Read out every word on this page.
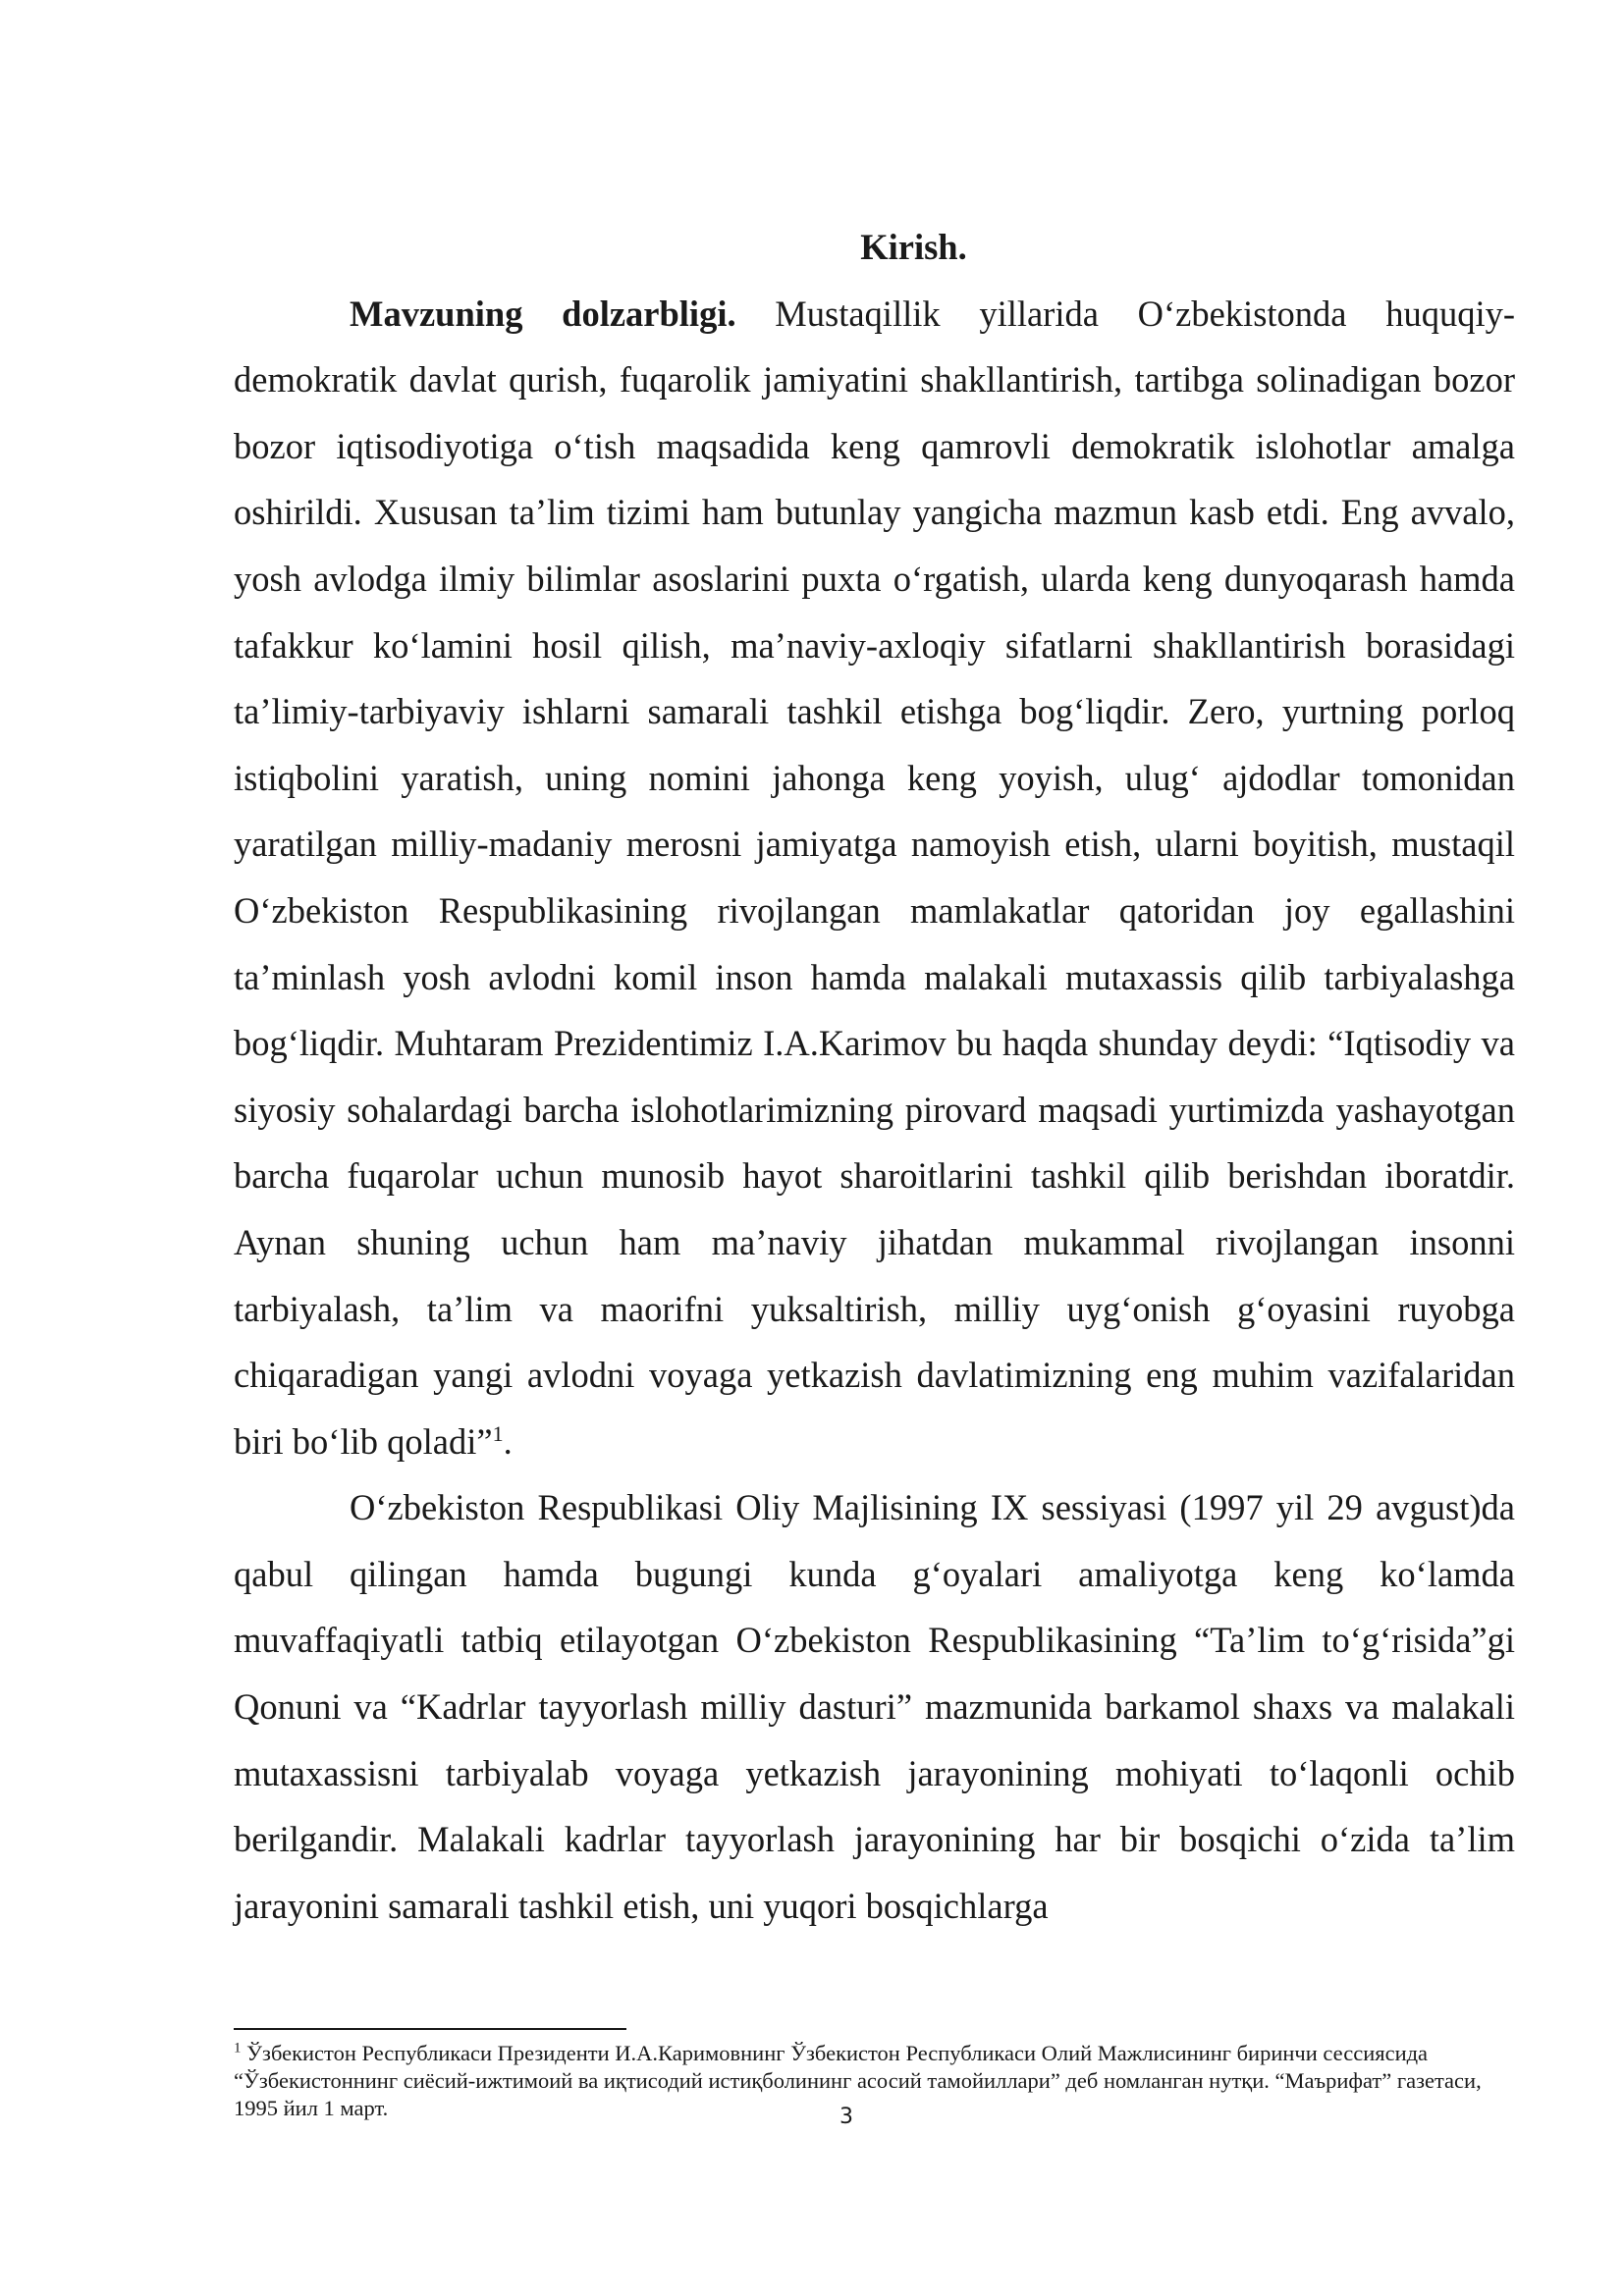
Kirish.

Mavzuning dolzarbligi. Mustaqillik yillarida O‘zbekistonda huquqiy-demokratik davlat qurish, fuqarolik jamiyatini shakllantirish, tartibga solinadigan bozor bozor iqtisodiyotiga o‘tish maqsadida keng qamrovli demokratik islohotlar amalga oshirildi. Xususan ta’lim tizimi ham butunlay yangicha mazmun kasb etdi. Eng avvalo, yosh avlodga ilmiy bilimlar asoslarini puxta o‘rgatish, ularda keng dunyoqarash hamda tafakkur ko‘lamini hosil qilish, ma’naviy-axloqiy sifatlarni shakllantirish borasidagi ta’limiy-tarbiyaviy ishlarni samarali tashkil etishga bog‘liqdir. Zero, yurtning porloq istiqbolini yaratish, uning nomini jahonga keng yoyish, ulug‘ ajdodlar tomonidan yaratilgan milliy-madaniy merosni jamiyatga namoyish etish, ularni boyitish, mustaqil O‘zbekiston Respublikasining rivojlangan mamlakatlar qatoridan joy egallashini ta’minlash yosh avlodni komil inson hamda malakali mutaxassis qilib tarbiyalashga bog‘liqdir. Muhtaram Prezidentimiz I.A.Karimov bu haqda shunday deydi: “Iqtisodiy va siyosiy sohalardagi barcha islohotlarimizning pirovard maqsadi yurtimizda yashayotgan barcha fuqarolar uchun munosib hayot sharoitlarini tashkil qilib berishdan iboratdir. Aynan shuning uchun ham ma’naviy jihatdan mukammal rivojlangan insonni tarbiyalash, ta’lim va maorifni yuksaltirish, milliy uyg‘onish g‘oyasini ruyobga chiqaradigan yangi avlodni voyaga yetkazish davlatimizning eng muhim vazifalaridan biri bo‘lib qoladi”$^1$.

O‘zbekiston Respublikasi Oliy Majlisining IX sessiyasi (1997 yil 29 avgust)da qabul qilingan hamda bugungi kunda g‘oyalari amaliyotga keng ko‘lamda muvaffaqiyatli tatbiq etilayotgan O‘zbekiston Respublikasining “Ta’lim to‘g‘risida”gi Qonuni va “Kadrlar tayyorlash milliy dasturi” mazmunida barkamol shaxs va malakali mutaxassisni tarbiyalab voyaga yetkazish jarayonining mohiyati to‘laqonli ochib berilgandir. Malakali kadrlar tayyorlash jarayonining har bir bosqichi o‘zida ta’lim jarayonini samarali tashkil etish, uni yuqori bosqichlarga

$^1$ Ўзбекистон Республикаси Президенти И.А.Каримовнинг Ўзбекистон Республикаси Олий Мажлисининг биринчи сессиясида “Ўзбекистоннинг сиёсий-ижтимоий ва иқтисодий истиқболининг асосий тамойиллари” деб номланган нутқи. “Маърифат” газетаси, 1995 йил 1 март.	3
